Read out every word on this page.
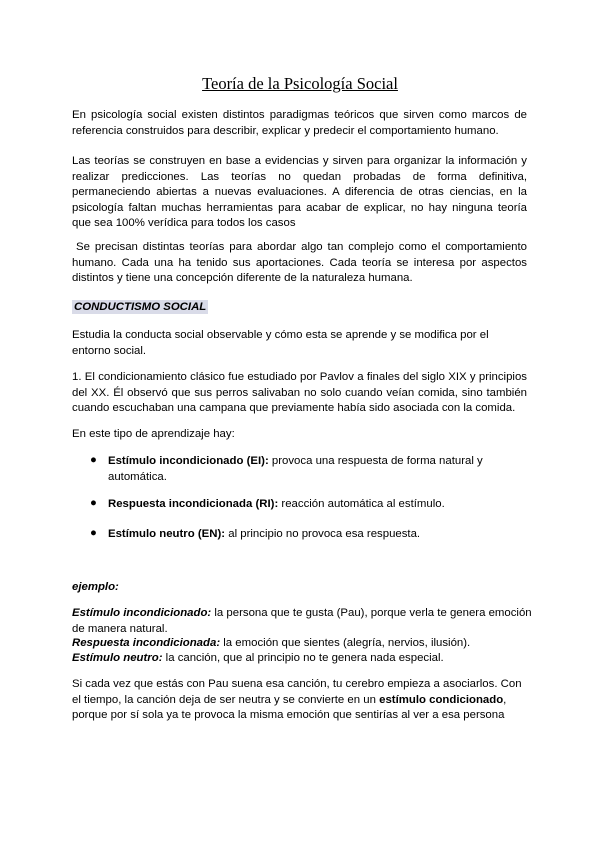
Teoría de la Psicología Social

En psicología social existen distintos paradigmas teóricos que sirven como marcos de referencia construidos para describir, explicar y predecir el comportamiento humano.

Las teorías se construyen en base a evidencias y sirven para organizar la información y realizar predicciones. Las teorías no quedan probadas de forma definitiva, permaneciendo abiertas a nuevas evaluaciones. A diferencia de otras ciencias, en la psicología faltan muchas herramientas para acabar de explicar, no hay ninguna teoría que sea 100% verídica para todos los casos

Se precisan distintas teorías para abordar algo tan complejo como el comportamiento humano. Cada una ha tenido sus aportaciones. Cada teoría se interesa por aspectos distintos y tiene una concepción diferente de la naturaleza humana.

CONDUCTISMO SOCIAL

Estudia la conducta social observable y cómo esta se aprende y se modifica por el entorno social.

1. El condicionamiento clásico fue estudiado por Pavlov a finales del siglo XIX y principios del XX. Él observó que sus perros salivaban no solo cuando veían comida, sino también cuando escuchaban una campana que previamente había sido asociada con la comida.

En este tipo de aprendizaje hay:

● Estímulo incondicionado (EI): provoca una respuesta de forma natural y automática.
● Respuesta incondicionada (RI): reacción automática al estímulo.
● Estímulo neutro (EN): al principio no provoca esa respuesta.
ejemplo:
Estímulo incondicionado: la persona que te gusta (Pau), porque verla te genera emoción de manera natural.
Respuesta incondicionada: la emoción que sientes (alegría, nervios, ilusión).
Estímulo neutro: la canción, que al principio no te genera nada especial.
Si cada vez que estás con Pau suena esa canción, tu cerebro empieza a asociarlos. Con el tiempo, la canción deja de ser neutra y se convierte en un estímulo condicionado, porque por sí sola ya te provoca la misma emoción que sentirías al ver a esa persona
